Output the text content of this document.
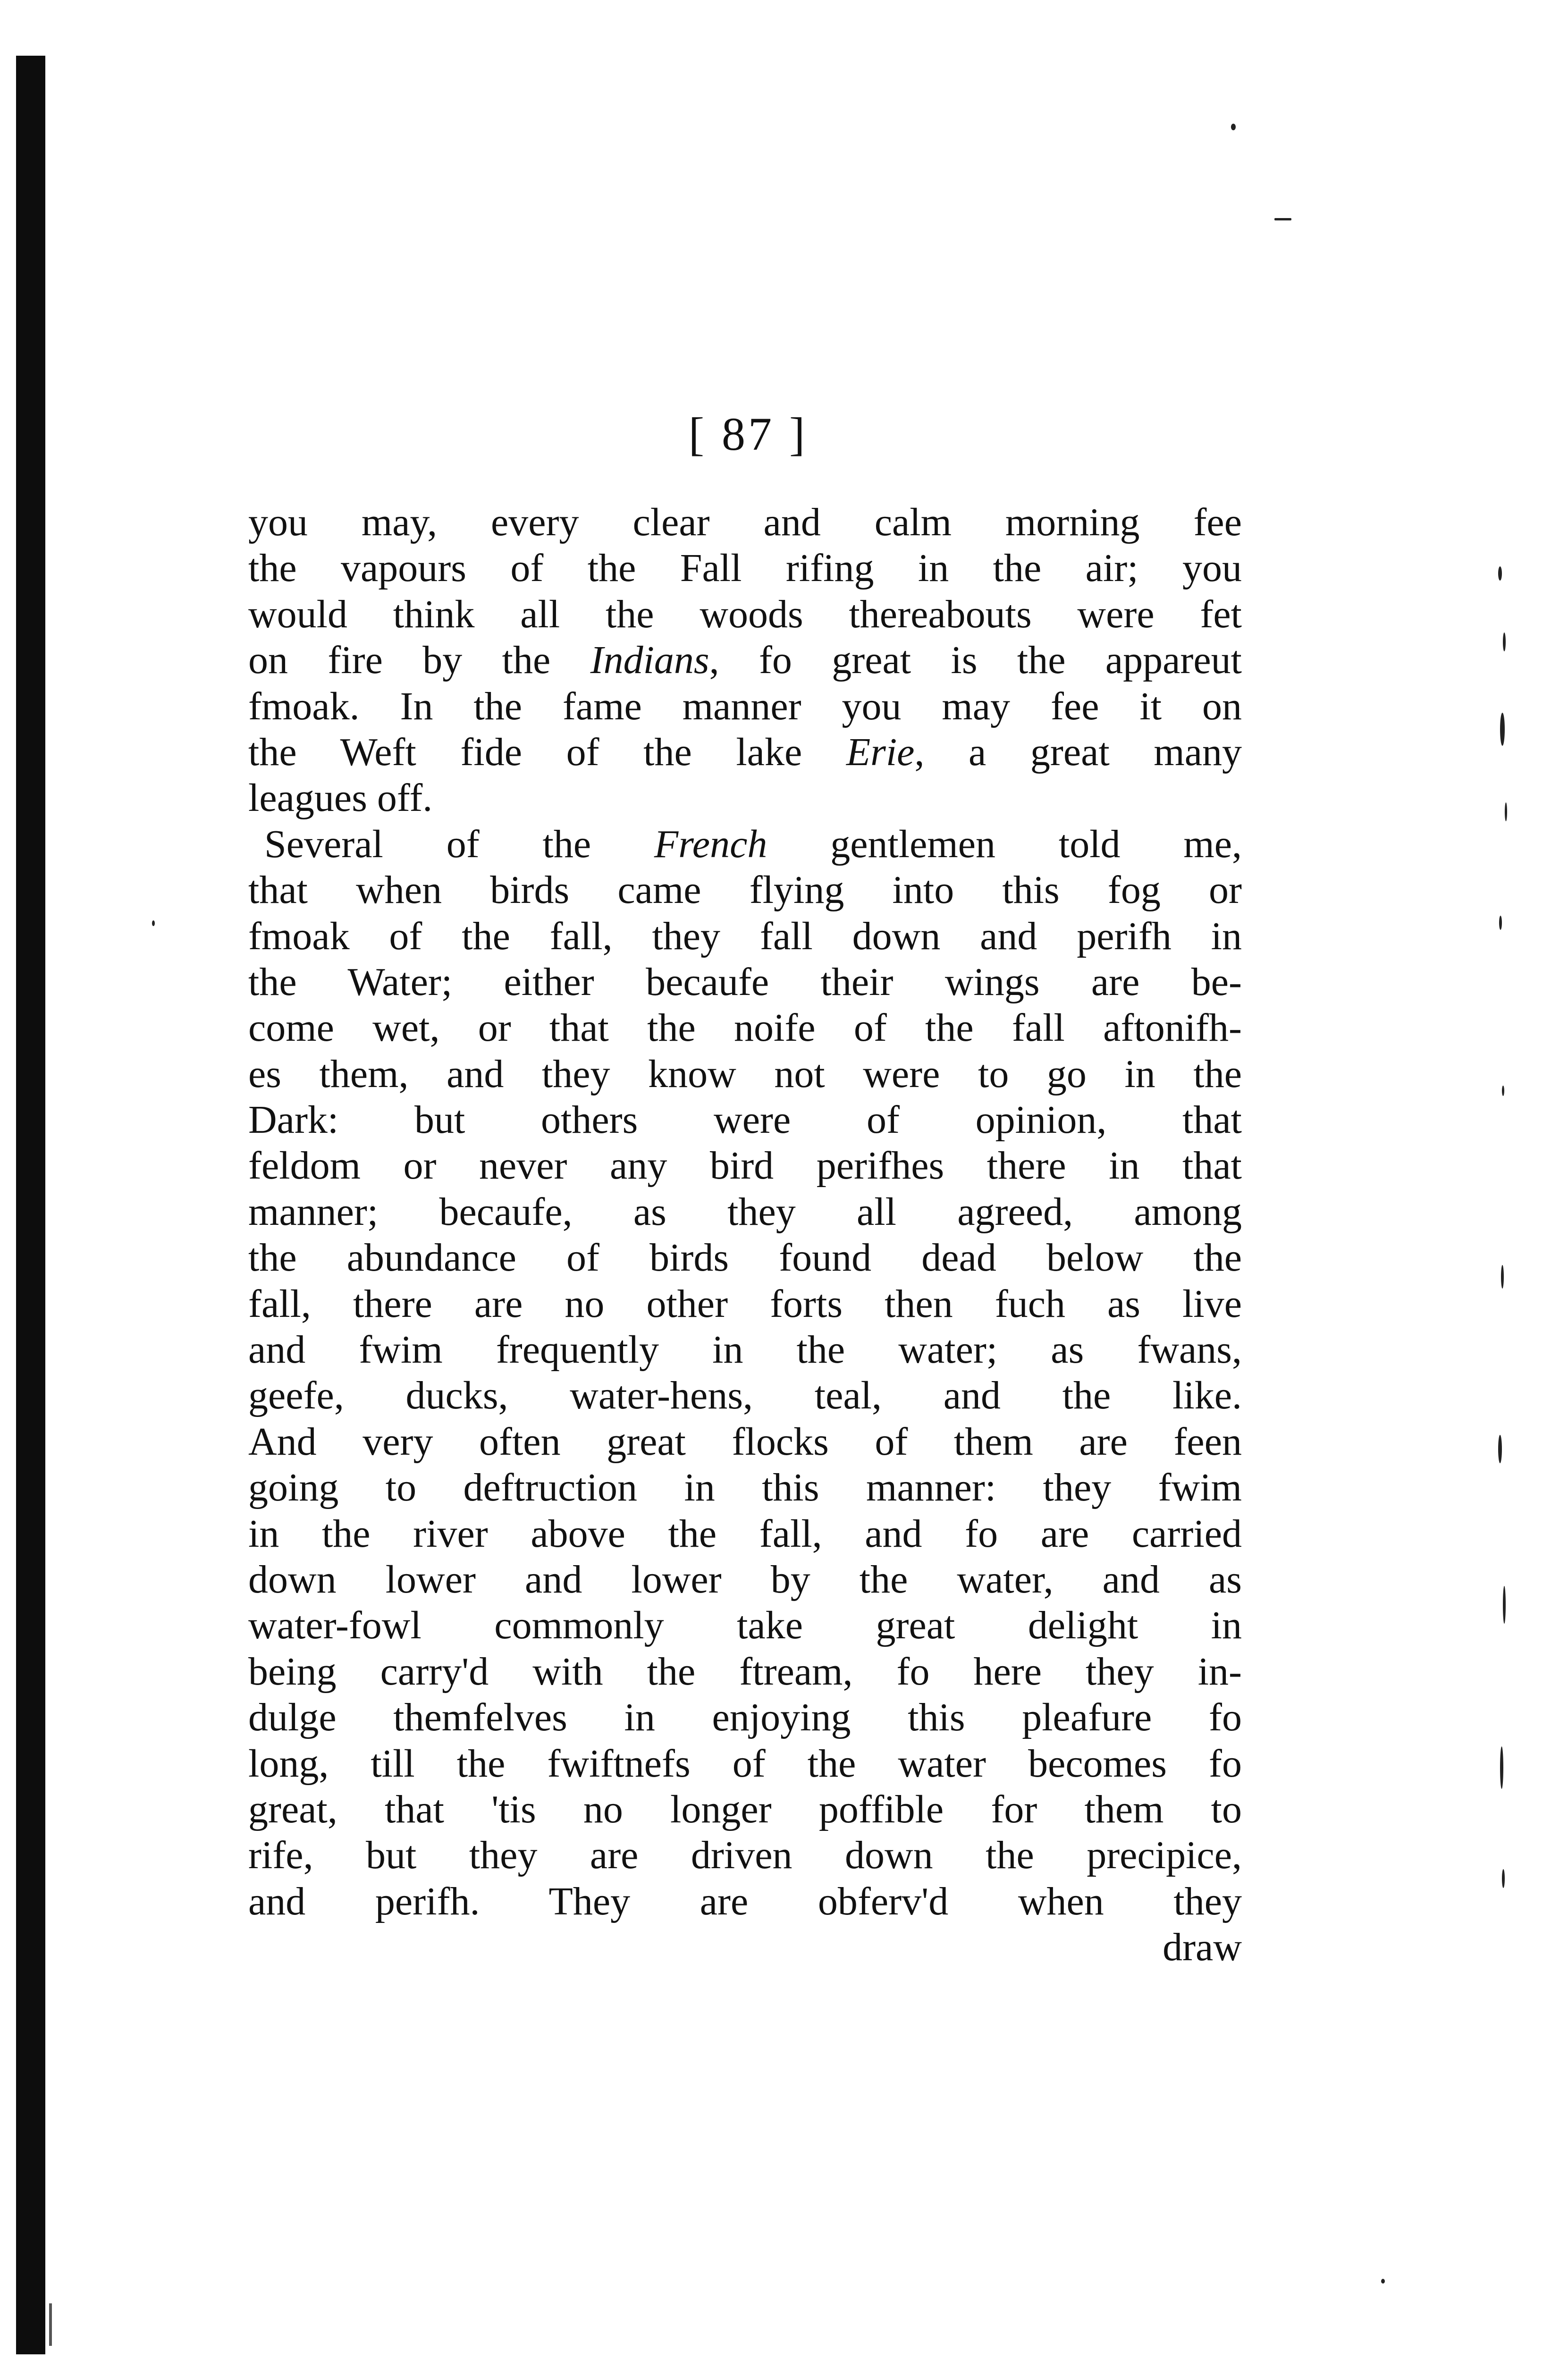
[ 87 ]
you may, every clear and calm morning fee
the vapours of the Fall rifing in the air; you
would think all the woods thereabouts were fet
on fire by the Indians, fo great is the appareut
fmoak. In the fame manner you may fee it on
the Weft fide of the lake Erie, a great many
leagues off.
Several of the French gentlemen told me,
that when birds came flying into this fog or
fmoak of the fall, they fall down and perifh in
the Water; either becaufe their wings are be-
come wet, or that the noife of the fall aftonifh-
es them, and they know not were to go in the
Dark: but others were of opinion, that
feldom or never any bird perifhes there in that
manner; becaufe, as they all agreed, among
the abundance of birds found dead below the
fall, there are no other forts then fuch as live
and fwim frequently in the water; as fwans,
geefe, ducks, water-hens, teal, and the like.
And very often great flocks of them are feen
going to deftruction in this manner: they fwim
in the river above the fall, and fo are carried
down lower and lower by the water, and as
water-fowl commonly take great delight in
being carry'd with the ftream, fo here they in-
dulge themfelves in enjoying this pleafure fo
long, till the fwiftnefs of the water becomes fo
great, that 'tis no longer poffible for them to
rife, but they are driven down the precipice,
and perifh. They are obferv'd when they
draw
